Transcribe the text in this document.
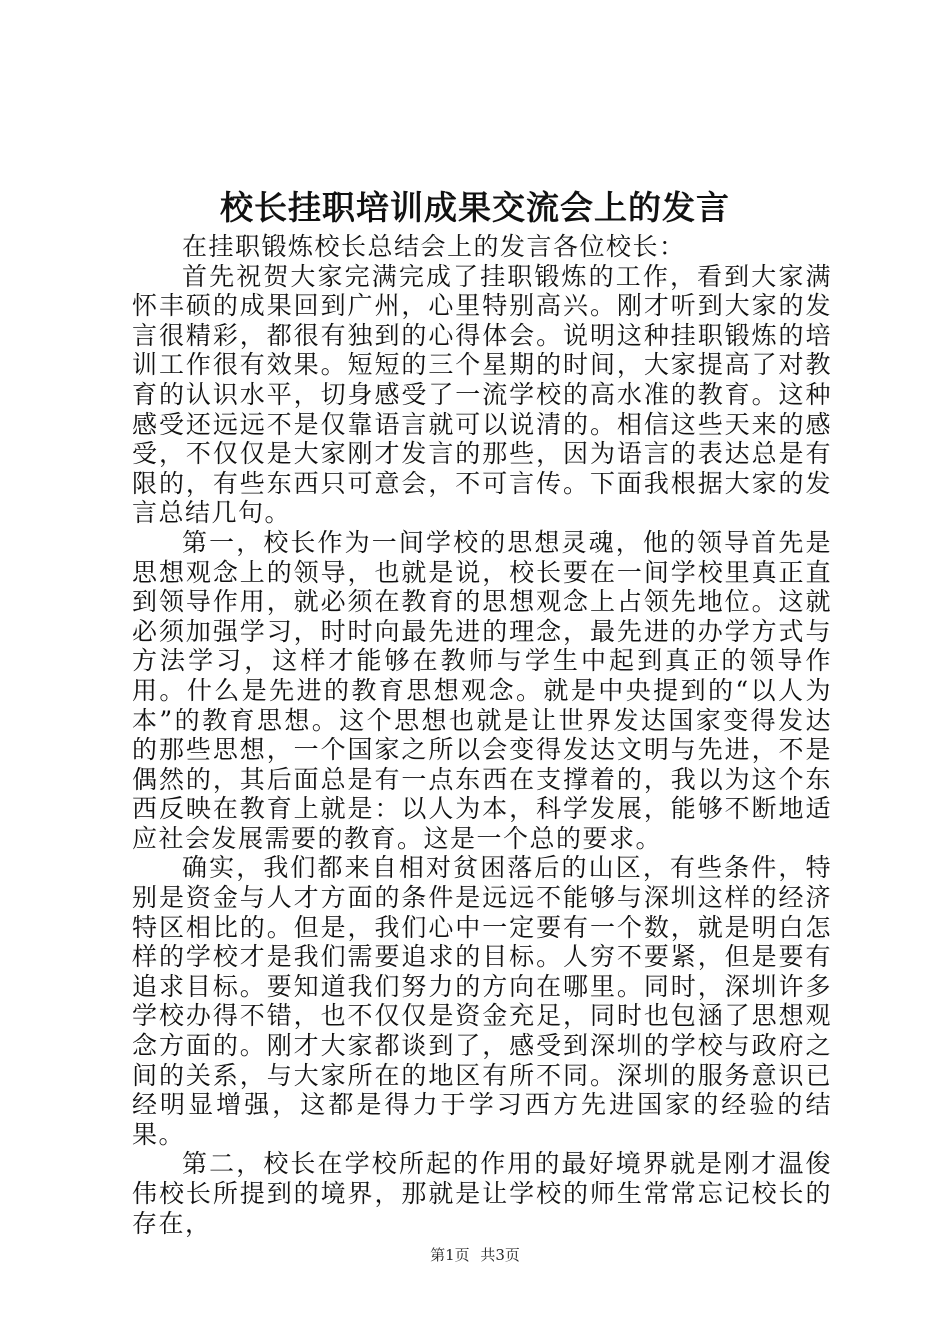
校长挂职培训成果交流会上的发言

在挂职锻炼校长总结会上的发言各位校长：

首先祝贺大家完满完成了挂职锻炼的工作，看到大家满怀丰硕的成果回到广州，心里特别高兴。刚才听到大家的发言很精彩，都很有独到的心得体会。说明这种挂职锻炼的培训工作很有效果。短短的三个星期的时间，大家提高了对教育的认识水平，切身感受了一流学校的高水准的教育。这种感受还远远不是仅靠语言就可以说清的。相信这些天来的感受，不仅仅是大家刚才发言的那些，因为语言的表达总是有限的，有些东西只可意会，不可言传。下面我根据大家的发言总结几句。

第一，校长作为一间学校的思想灵魂，他的领导首先是思想观念上的领导，也就是说，校长要在一间学校里真正直到领导作用，就必须在教育的思想观念上占领先地位。这就必须加强学习，时时向最先进的理念，最先进的办学方式与方法学习，这样才能够在教师与学生中起到真正的领导作用。什么是先进的教育思想观念。就是中央提到的“以人为本”的教育思想。这个思想也就是让世界发达国家变得发达的那些思想，一个国家之所以会变得发达文明与先进，不是偶然的，其后面总是有一点东西在支撑着的，我以为这个东西反映在教育上就是：以人为本，科学发展，能够不断地适应社会发展需要的教育。这是一个总的要求。

确实，我们都来自相对贫困落后的山区，有些条件，特别是资金与人才方面的条件是远远不能够与深圳这样的经济特区相比的。但是，我们心中一定要有一个数，就是明白怎样的学校才是我们需要追求的目标。人穷不要紧，但是要有追求目标。要知道我们努力的方向在哪里。同时，深圳许多学校办得不错，也不仅仅是资金充足，同时也包涵了思想观念方面的。刚才大家都谈到了，感受到深圳的学校与政府之间的关系，与大家所在的地区有所不同。深圳的服务意识已经明显增强，这都是得力于学习西方先进国家的经验的结果。

第二，校长在学校所起的作用的最好境界就是刚才温俊伟校长所提到的境界，那就是让学校的师生常常忘记校长的存在，

第1页 共3页
